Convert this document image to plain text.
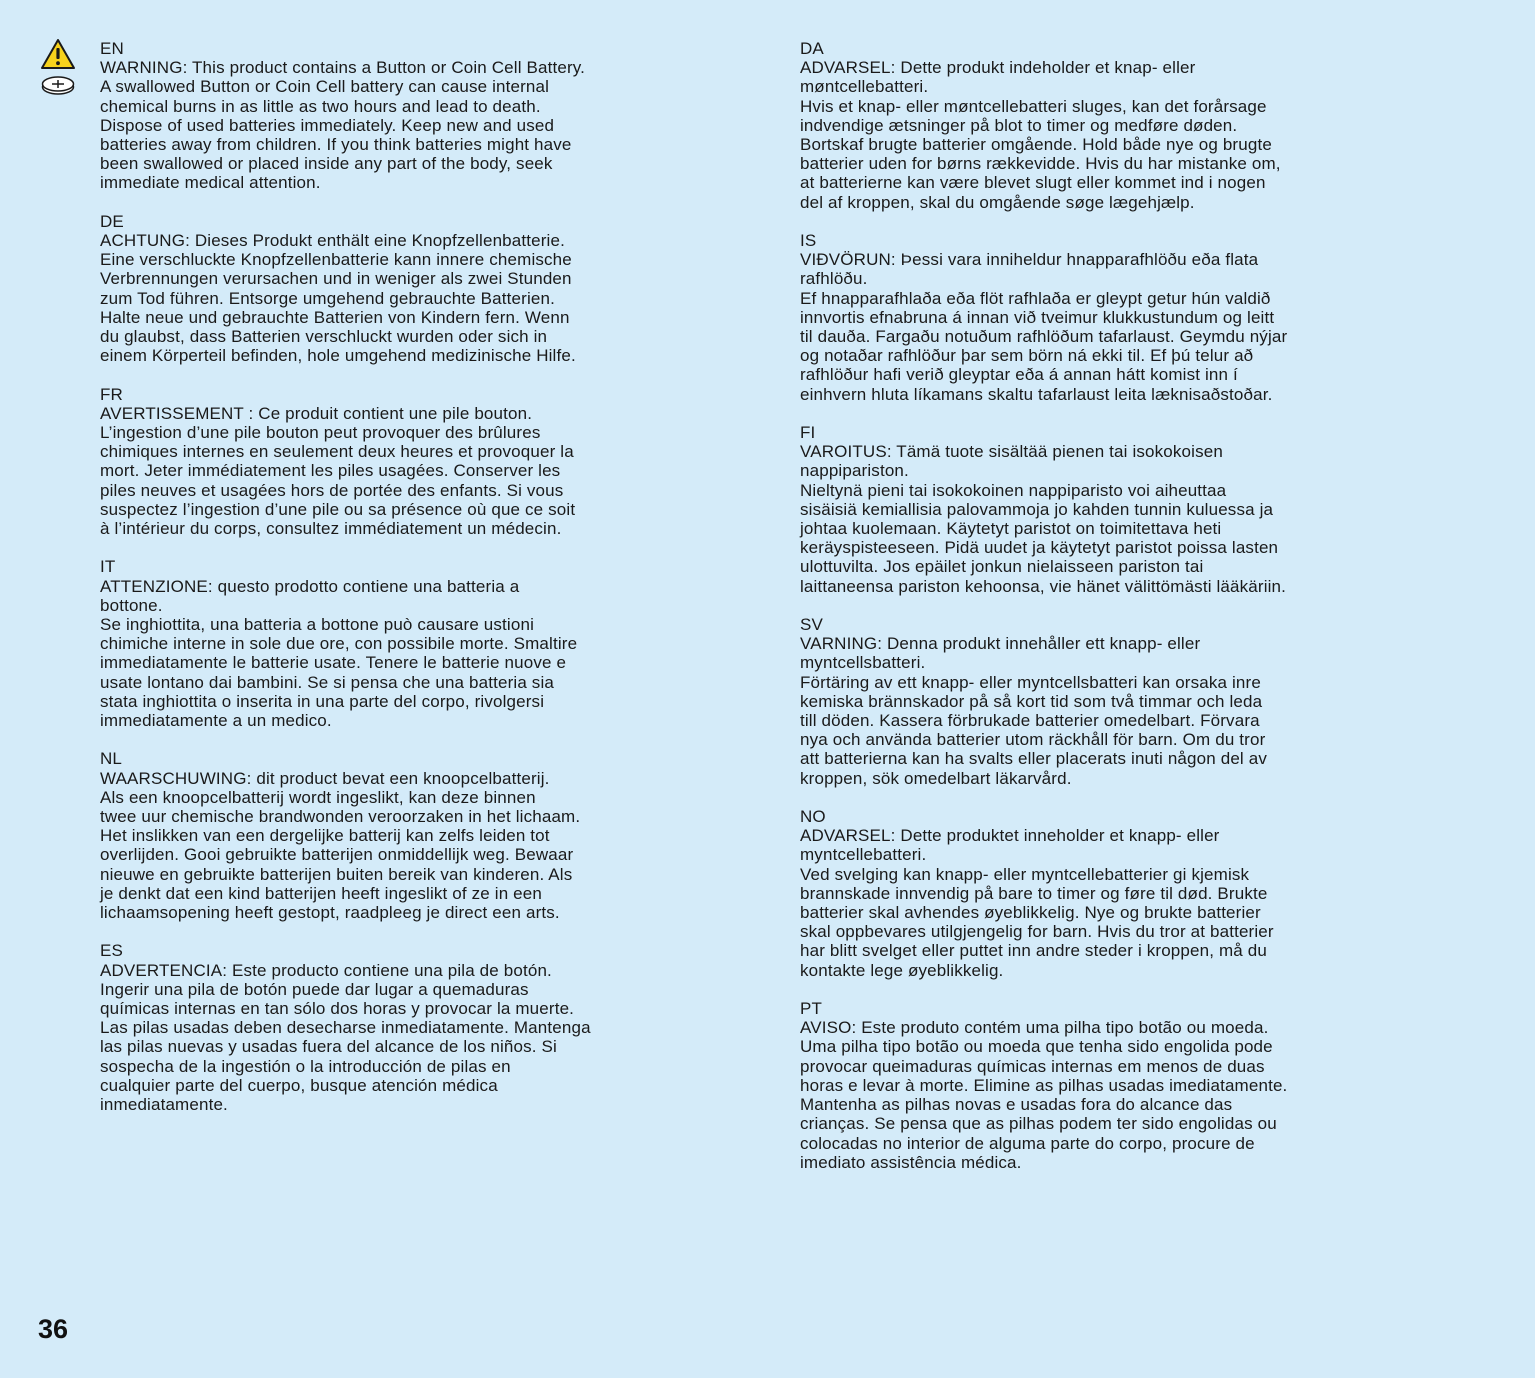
EN

WARNING: This product contains a Button or Coin Cell Battery.
A swallowed Button or Coin Cell battery can cause internal
chemical burns in as little as two hours and lead to death.
Dispose of used batteries immediately. Keep new and used
batteries away from children. If you think batteries might have
been swallowed or placed inside any part of the body, seek
immediate medical attention.

DE

ACHTUNG: Dieses Produkt enthält eine Knopfzellenbatterie.
Eine verschluckte Knopfzellenbatterie kann innere chemische
Verbrennungen verursachen und in weniger als zwei Stunden
zum Tod führen. Entsorge umgehend gebrauchte Batterien.
Halte neue und gebrauchte Batterien von Kindern fern. Wenn
du glaubst, dass Batterien verschluckt wurden oder sich in
einem Körperteil befinden, hole umgehend medizinische Hilfe.

FR

AVERTISSEMENT : Ce produit contient une pile bouton.
L’ingestion d’une pile bouton peut provoquer des brûlures
chimiques internes en seulement deux heures et provoquer la
mort. Jeter immédiatement les piles usagées. Conserver les
piles neuves et usagées hors de portée des enfants. Si vous
suspectez l’ingestion d’une pile ou sa présence où que ce soit
à l’intérieur du corps, consultez immédiatement un médecin.

IT

ATTENZIONE: questo prodotto contiene una batteria a
bottone.
Se inghiottita, una batteria a bottone può causare ustioni
chimiche interne in sole due ore, con possibile morte. Smaltire
immediatamente le batterie usate. Tenere le batterie nuove e
usate lontano dai bambini. Se si pensa che una batteria sia
stata inghiottita o inserita in una parte del corpo, rivolgersi
immediatamente a un medico.

NL

WAARSCHUWING: dit product bevat een knoopcelbatterij.
Als een knoopcelbatterij wordt ingeslikt, kan deze binnen
twee uur chemische brandwonden veroorzaken in het lichaam.
Het inslikken van een dergelijke batterij kan zelfs leiden tot
overlijden. Gooi gebruikte batterijen onmiddellijk weg. Bewaar
nieuwe en gebruikte batterijen buiten bereik van kinderen. Als
je denkt dat een kind batterijen heeft ingeslikt of ze in een
lichaamsopening heeft gestopt, raadpleeg je direct een arts.

ES

ADVERTENCIA: Este producto contiene una pila de botón.
Ingerir una pila de botón puede dar lugar a quemaduras
químicas internas en tan sólo dos horas y provocar la muerte.
Las pilas usadas deben desecharse inmediatamente. Mantenga
las pilas nuevas y usadas fuera del alcance de los niños. Si
sospecha de la ingestión o la introducción de pilas en
cualquier parte del cuerpo, busque atención médica
inmediatamente.

DA

ADVARSEL: Dette produkt indeholder et knap- eller
møntcellebatteri.
Hvis et knap- eller møntcellebatteri sluges, kan det forårsage
indvendige ætsninger på blot to timer og medføre døden.
Bortskaf brugte batterier omgående. Hold både nye og brugte
batterier uden for børns rækkevidde. Hvis du har mistanke om,
at batterierne kan være blevet slugt eller kommet ind i nogen
del af kroppen, skal du omgående søge lægehjælp.

IS

VIÐVÖRUN: Þessi vara inniheldur hnapparafhlöðu eða flata
rafhlöðu.
Ef hnapparafhlaða eða flöt rafhlaða er gleypt getur hún valdið
innvortis efnabruna á innan við tveimur klukkustundum og leitt
til dauða. Fargaðu notuðum rafhlöðum tafarlaust. Geymdu nýjar
og notaðar rafhlöður þar sem börn ná ekki til. Ef þú telur að
rafhlöður hafi verið gleyptar eða á annan hátt komist inn í
einhvern hluta líkamans skaltu tafarlaust leita læknisaðstoðar.

FI

VAROITUS: Tämä tuote sisältää pienen tai isokokoisen
nappipariston.
Nieltynä pieni tai isokokoinen nappiparisto voi aiheuttaa
sisäisiä kemiallisia palovammoja jo kahden tunnin kuluessa ja
johtaa kuolemaan. Käytetyt paristot on toimitettava heti
keräyspisteeseen. Pidä uudet ja käytetyt paristot poissa lasten
ulottuvilta. Jos epäilet jonkun nielaisseen pariston tai
laittaneensa pariston kehoonsa, vie hänet välittömästi lääkäriin.

SV

VARNING: Denna produkt innehåller ett knapp- eller
myntcellsbatteri.
Förtäring av ett knapp- eller myntcellsbatteri kan orsaka inre
kemiska brännskador på så kort tid som två timmar och leda
till döden. Kassera förbrukade batterier omedelbart. Förvara
nya och använda batterier utom räckhåll för barn. Om du tror
att batterierna kan ha svalts eller placerats inuti någon del av
kroppen, sök omedelbart läkarvård.

NO

ADVARSEL: Dette produktet inneholder et knapp- eller
myntcellebatteri.
Ved svelging kan knapp- eller myntcellebatterier gi kjemisk
brannskade innvendig på bare to timer og føre til død. Brukte
batterier skal avhendes øyeblikkelig. Nye og brukte batterier
skal oppbevares utilgjengelig for barn. Hvis du tror at batterier
har blitt svelget eller puttet inn andre steder i kroppen, må du
kontakte lege øyeblikkelig.

PT

AVISO: Este produto contém uma pilha tipo botão ou moeda.
Uma pilha tipo botão ou moeda que tenha sido engolida pode
provocar queimaduras químicas internas em menos de duas
horas e levar à morte. Elimine as pilhas usadas imediatamente.
Mantenha as pilhas novas e usadas fora do alcance das
crianças. Se pensa que as pilhas podem ter sido engolidas ou
colocadas no interior de alguma parte do corpo, procure de
imediato assistência médica.

36
